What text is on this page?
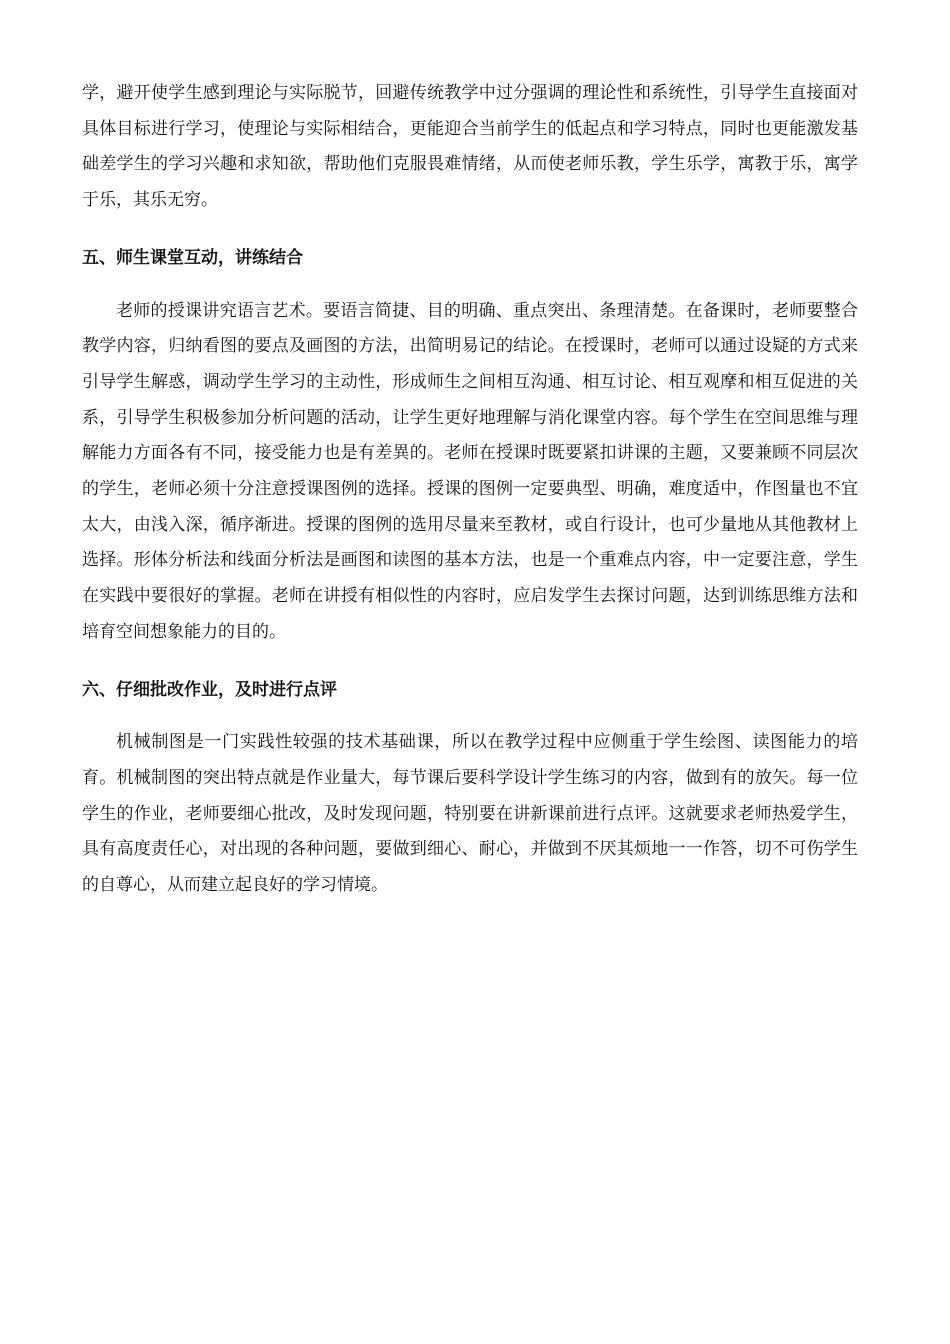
学，避开使学生感到理论与实际脱节，回避传统教学中过分强调的理论性和系统性，引导学生直接面对具体目标进行学习，使理论与实际相结合，更能迎合当前学生的低起点和学习特点，同时也更能激发基础差学生的学习兴趣和求知欲，帮助他们克服畏难情绪，从而使老师乐教，学生乐学，寓教于乐，寓学于乐，其乐无穷。

五、师生课堂互动，讲练结合

老师的授课讲究语言艺术。要语言简捷、目的明确、重点突出、条理清楚。在备课时，老师要整合教学内容，归纳看图的要点及画图的方法，出简明易记的结论。在授课时，老师可以通过设疑的方式来引导学生解惑，调动学生学习的主动性，形成师生之间相互沟通、相互讨论、相互观摩和相互促进的关系，引导学生积极参加分析问题的活动，让学生更好地理解与消化课堂内容。每个学生在空间思维与理解能力方面各有不同，接受能力也是有差異的。老师在授课时既要紧扣讲课的主题，又要兼顾不同层次的学生，老师必须十分注意授课图例的选择。授课的图例一定要典型、明确，难度适中，作图量也不宜太大，由浅入深，循序渐进。授课的图例的选用尽量来至教材，或自行设计，也可少量地从其他教材上选择。形体分析法和线面分析法是画图和读图的基本方法，也是一个重难点内容，中一定要注意，学生在实践中要很好的掌握。老师在讲授有相似性的内容时，应启发学生去探讨问题，达到训练思维方法和培育空间想象能力的目的。

六、仔细批改作业，及时进行点评

机械制图是一门实践性较强的技术基础课，所以在教学过程中应侧重于学生绘图、读图能力的培育。机械制图的突出特点就是作业量大，每节课后要科学设计学生练习的内容，做到有的放矢。每一位学生的作业，老师要细心批改，及时发现问题，特别要在讲新课前进行点评。这就要求老师热爱学生，具有高度责任心，对出现的各种问题，要做到细心、耐心，并做到不厌其烦地一一作答，切不可伤学生的自尊心，从而建立起良好的学习情境。
